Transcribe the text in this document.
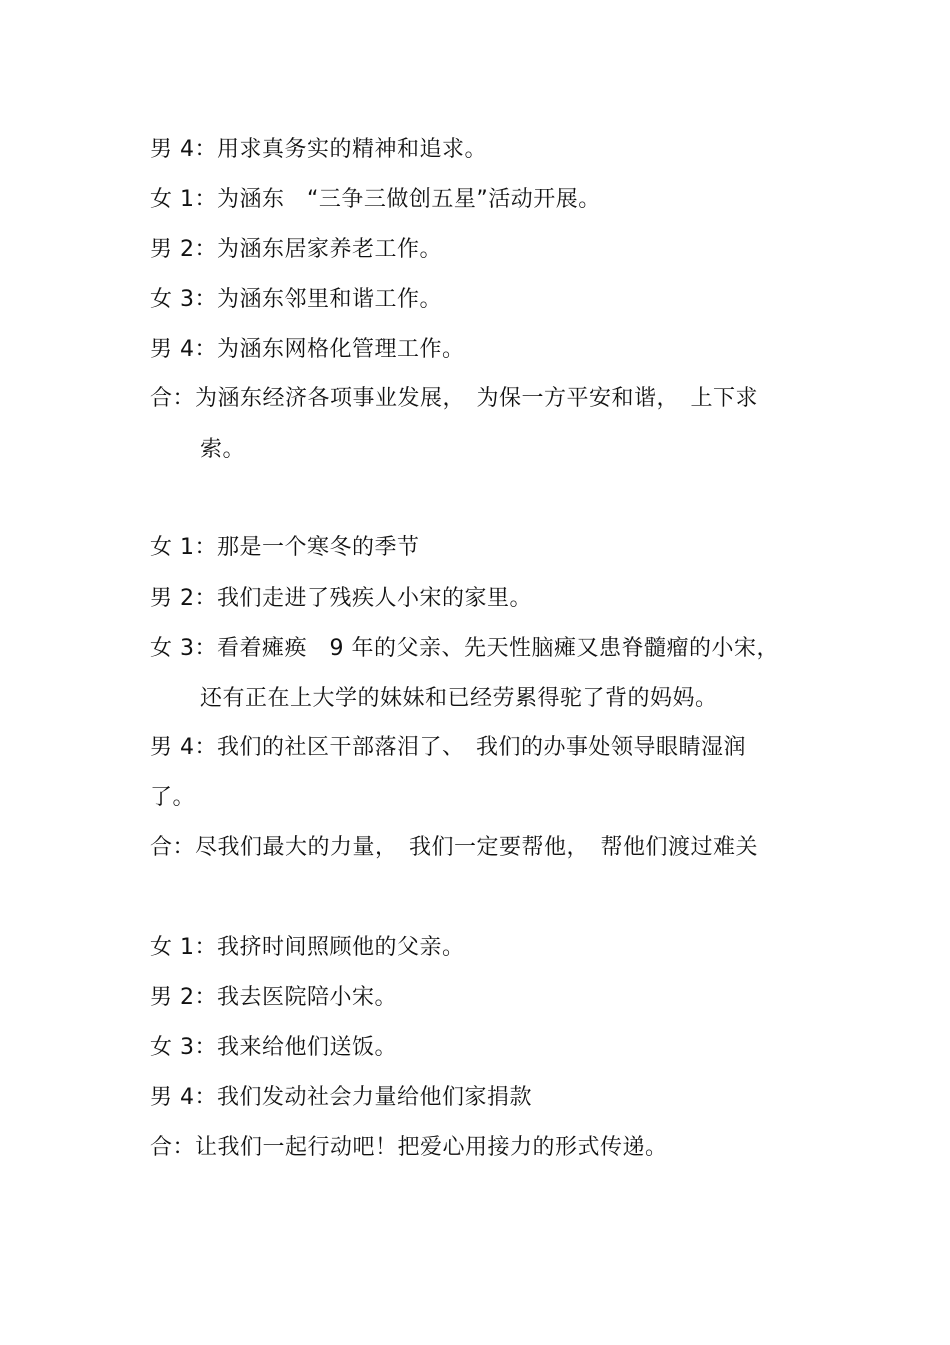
男 4：用求真务实的精神和追求。
女 1：为涵东　“三争三做创五星”活动开展。
男 2：为涵东居家养老工作。
女 3：为涵东邻里和谐工作。
男 4：为涵东网格化管理工作。
合：为涵东经济各项事业发展，　为保一方平安和谐，　上下求
索。
女 1：那是一个寒冬的季节
男 2：我们走进了残疾人小宋的家里。
女 3：看着瘫痪　9 年的父亲、先天性脑瘫又患脊髓瘤的小宋，
还有正在上大学的妹妹和已经劳累得驼了背的妈妈。
男 4：我们的社区干部落泪了、　我们的办事处领导眼睛湿润
了。
合：尽我们最大的力量，　我们一定要帮他，　帮他们渡过难关
女 1：我挤时间照顾他的父亲。
男 2：我去医院陪小宋。
女 3：我来给他们送饭。
男 4：我们发动社会力量给他们家捐款
合：让我们一起行动吧！把爱心用接力的形式传递。
